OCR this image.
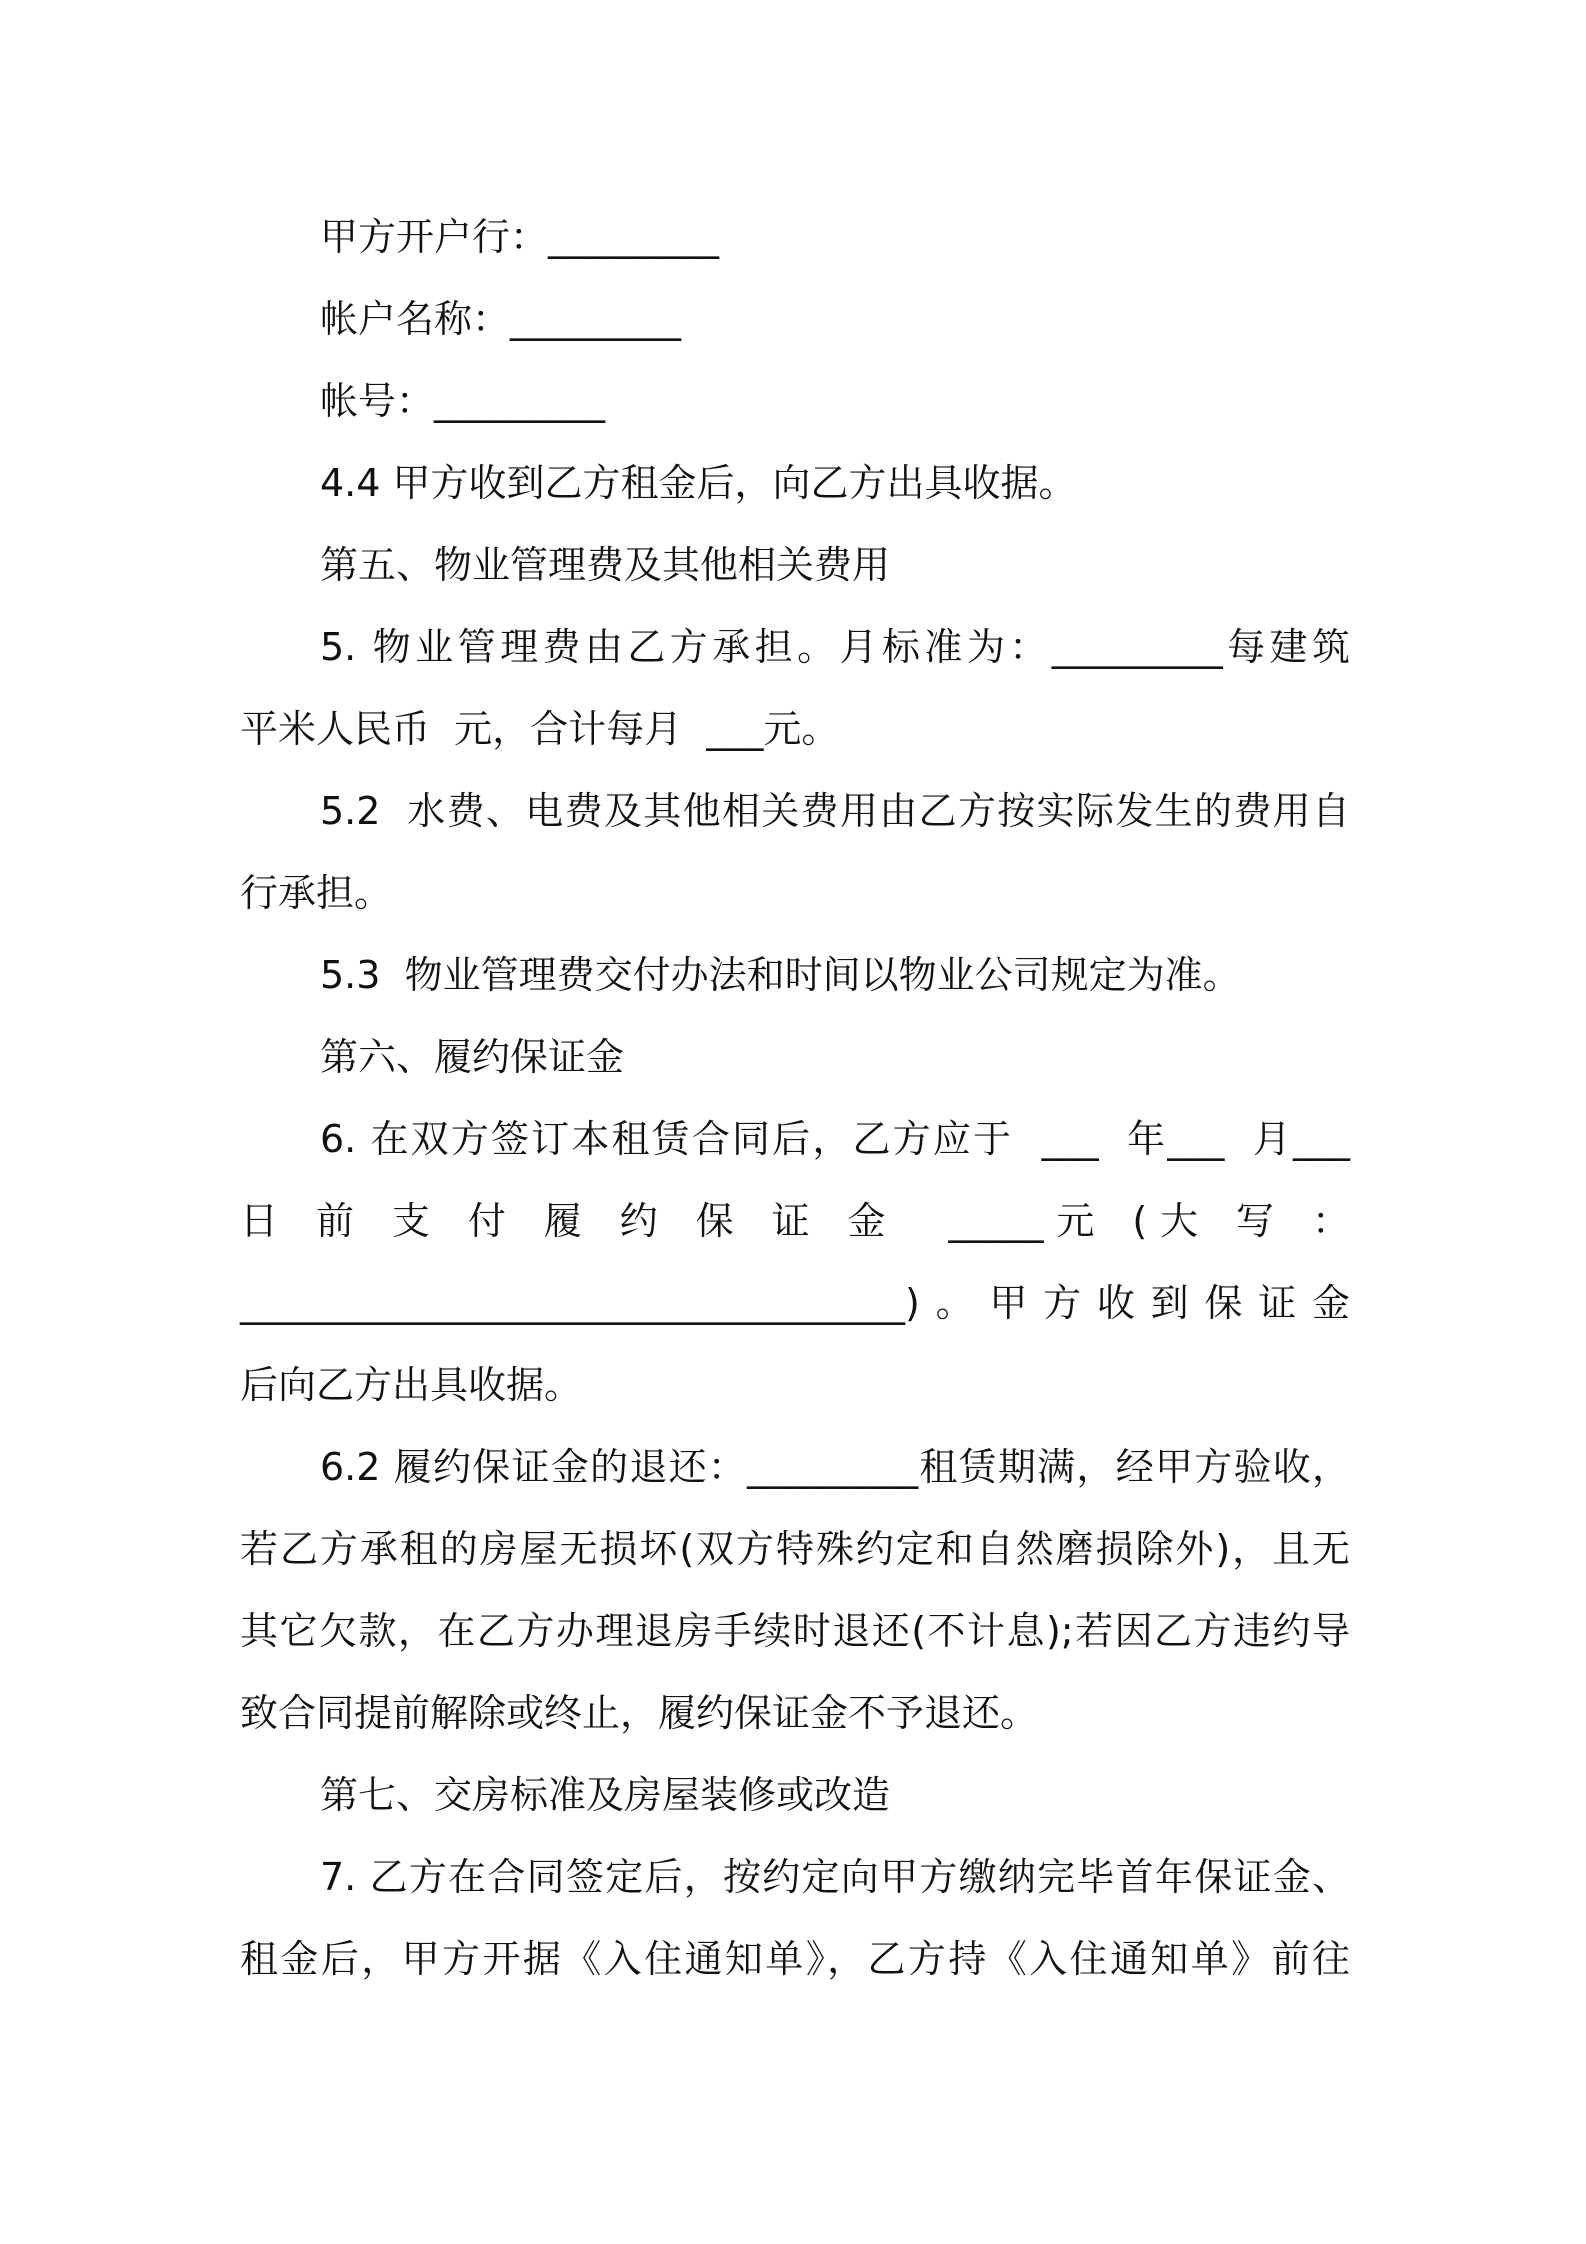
甲方开户行：_________

帐户名称：_________

帐号：_________

4.4 甲方收到乙方租金后，向乙方出具收据。

第五、物业管理费及其他相关费用

5. 物业管理费由乙方承担。月标准为：_________每建筑

平米人民币  元，合计每月  ___元。

5.2  水费、电费及其他相关费用由乙方按实际发生的费用自

行承担。

5.3  物业管理费交付办法和时间以物业公司规定为准。

第六、履约保证金

6. 在双方签订本租赁合同后，乙方应于  ___  年___  月___

日 前 支 付 履 约 保 证 金  _____元 (大 写 ：

___________________________________)。甲方收到保证金

后向乙方出具收据。

6.2 履约保证金的退还：_________租赁期满，经甲方验收，

若乙方承租的房屋无损坏(双方特殊约定和自然磨损除外)，且无

其它欠款，在乙方办理退房手续时退还(不计息);若因乙方违约导

致合同提前解除或终止，履约保证金不予退还。

第七、交房标准及房屋装修或改造

7. 乙方在合同签定后，按约定向甲方缴纳完毕首年保证金、

租金后，甲方开据《入住通知单》，乙方持《入住通知单》前往
